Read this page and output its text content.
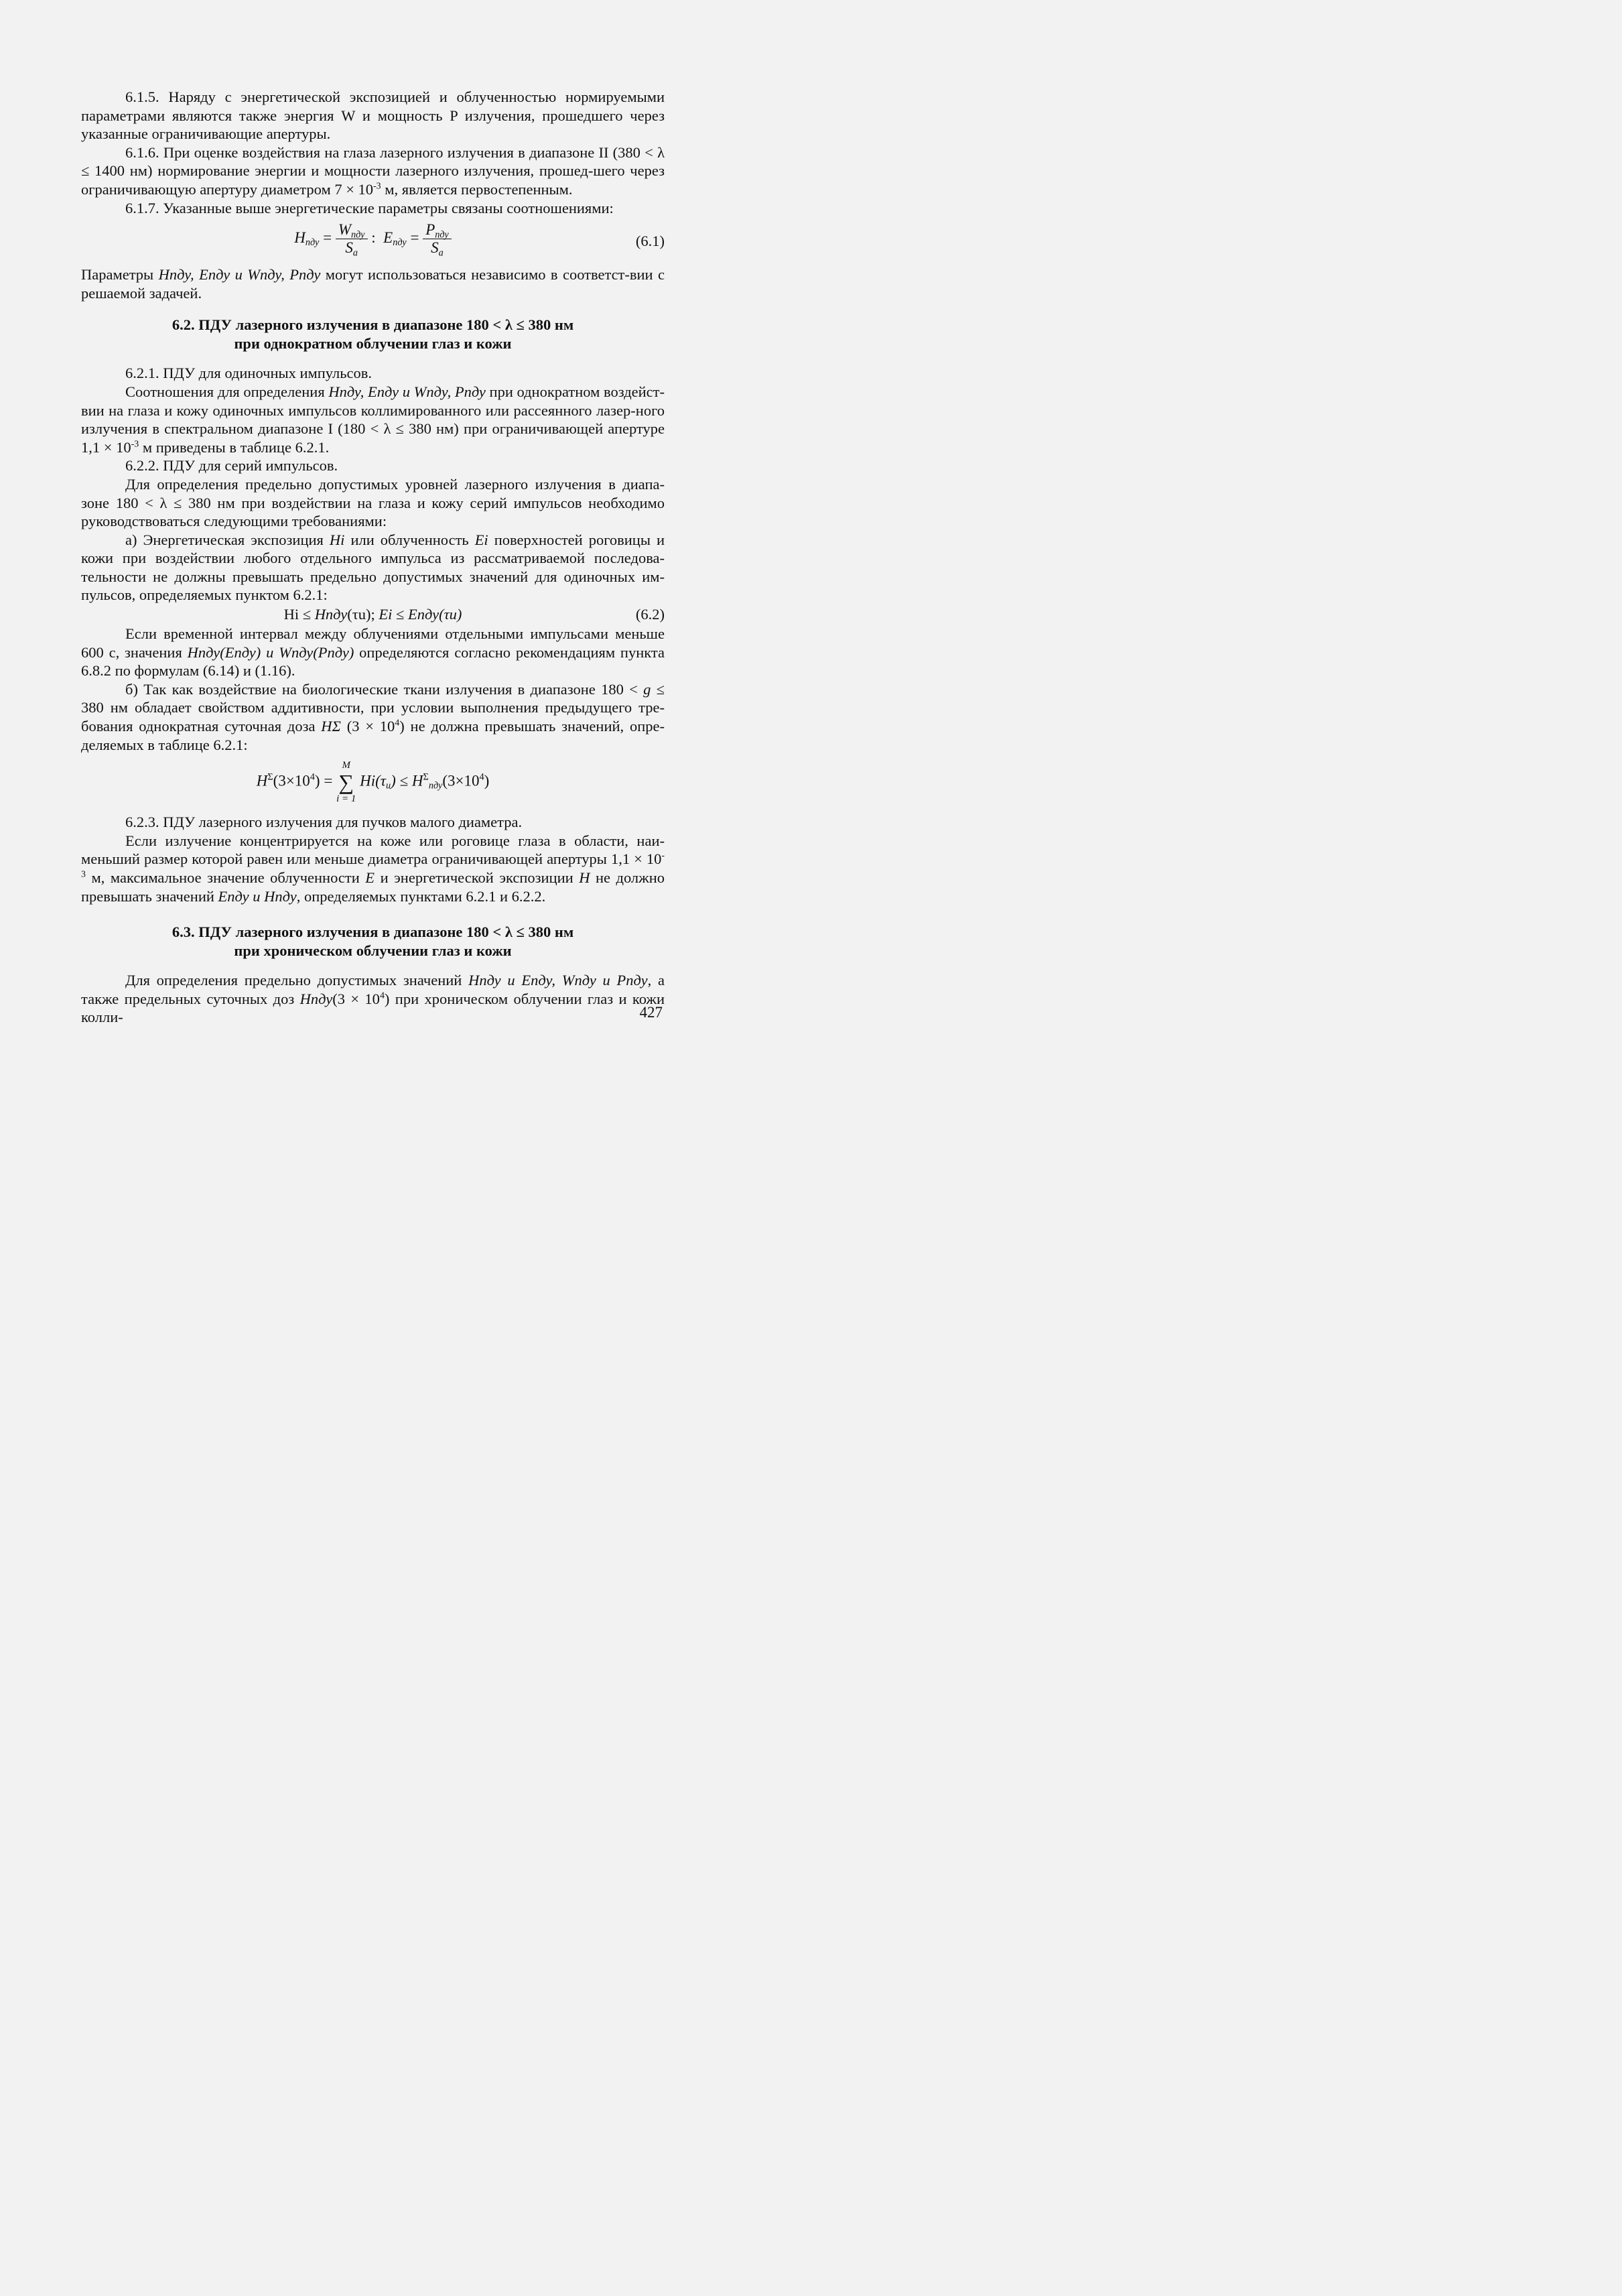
6.1.5. Наряду с энергетической экспозицией и облученностью нормируемыми параметрами являются также энергия W и мощность P излучения, прошедшего через указанные ограничивающие апертуры.

6.1.6. При оценке воздействия на глаза лазерного излучения в диапазоне II (380 < λ ≤ 1400 нм) нормирование энергии и мощности лазерного излучения, прошед-шего через ограничивающую апертуру диаметром $7 \times 10^{-3}$ м, является первостепенным.

6.1.7. Указанные выше энергетические параметры связаны соотношениями:

$H_{пду} = \frac{W_{пду}}{S_a}$ : $E_{пду} = \frac{P_{пду}}{S_a}$	(6.1)

Параметры Hпду, Eпду и Wпду, Pпду могут использоваться независимо в соответст-вии с решаемой задачей.

6.2. ПДУ лазерного излучения в диапазоне 180 < λ ≤ 380 нм
при однократном облучении глаз и кожи

6.2.1. ПДУ для одиночных импульсов.

Соотношения для определения Hпду, Eпду и Wпду, Pпду при однократном воздейст-вии на глаза и кожу одиночных импульсов коллимированного или рассеянного лазер-ного излучения в спектральном диапазоне I (180 < λ ≤ 380 нм) при ограничивающей апертуре $1,1 \times 10^{-3}$ м приведены в таблице 6.2.1.

6.2.2. ПДУ для серий импульсов.

Для определения предельно допустимых уровней лазерного излучения в диапа-зоне 180 < λ ≤ 380 нм при воздействии на глаза и кожу серий импульсов необходимо руководствоваться следующими требованиями:

а) Энергетическая экспозиция Hi или облученность Ei поверхностей роговицы и кожи при воздействии любого отдельного импульса из рассматриваемой последова-тельности не должны превышать предельно допустимых значений для одиночных им-пульсов, определяемых пунктом 6.2.1:

Hi ≤ Hпду(τu); Ei ≤ Eпду(τu)	(6.2)

Если временной интервал между облучениями отдельными импульсами меньше 600 с, значения Hпду(Eпду) и Wпду(Pпду) определяются согласно рекомендациям пункта 6.8.2 по формулам (6.14) и (1.16).

б) Так как воздействие на биологические ткани излучения в диапазоне 180 < g ≤ 380 нм обладает свойством аддитивности, при условии выполнения предыдущего тре-бования однократная суточная доза HΣ $(3 \times 10^4)$ не должна превышать значений, опре-деляемых в таблице 6.2.1:

$H^\Sigma(3\times 10^4)$ =
M
∑
i = 1
$Hi(\tau_u) \le H^\Sigma_{пду}(3\times 10^4)$

6.2.3. ПДУ лазерного излучения для пучков малого диаметра.

Если излучение концентрируется на коже или роговице глаза в области, наи-меньший размер которой равен или меньше диаметра ограничивающей апертуры $1,1 \times 10^{-3}$ м, максимальное значение облученности E и энергетической экспозиции H не должно превышать значений Eпду и Hпду, определяемых пунктами 6.2.1 и 6.2.2.

6.3. ПДУ лазерного излучения в диапазоне 180 < λ ≤ 380 нм
при хроническом облучении глаз и кожи

Для определения предельно допустимых значений Hпду и Eпду, Wпду и Pпду, а также предельных суточных доз Hпду(3 × $10^4$) при хроническом облучении глаз и кожи колли-	427
